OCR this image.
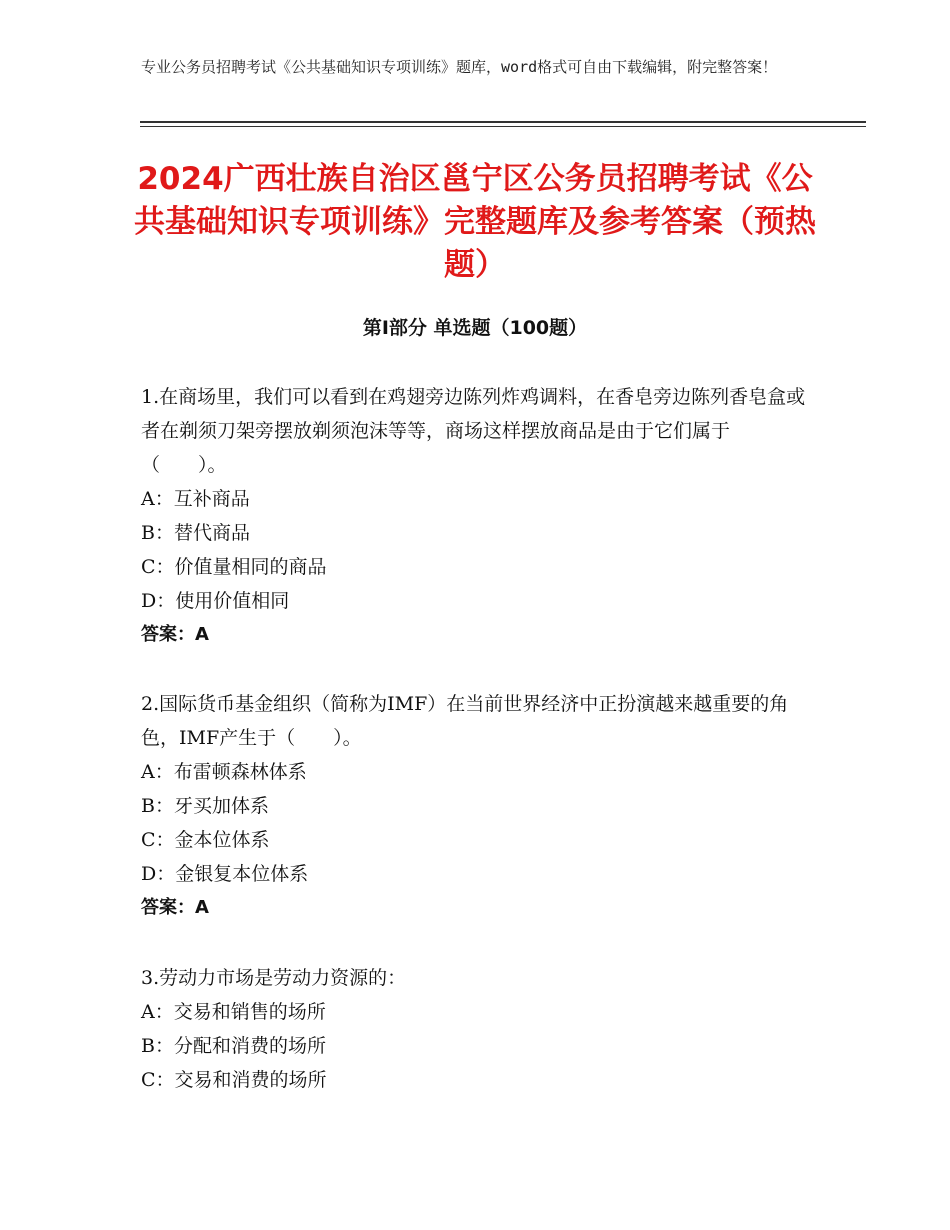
专业公务员招聘考试《公共基础知识专项训练》题库，word格式可自由下载编辑，附完整答案！
2024广西壮族自治区邕宁区公务员招聘考试《公共基础知识专项训练》完整题库及参考答案（预热题）
第Ⅰ部分 单选题（100题）
1.在商场里，我们可以看到在鸡翅旁边陈列炸鸡调料，在香皂旁边陈列香皂盒或者在剃须刀架旁摆放剃须泡沫等等，商场这样摆放商品是由于它们属于（　　）。
A：互补商品
B：替代商品
C：价值量相同的商品
D：使用价值相同
答案：A
2.国际货币基金组织（简称为IMF）在当前世界经济中正扮演越来越重要的角色，IMF产生于（　　）。
A：布雷顿森林体系
B：牙买加体系
C：金本位体系
D：金银复本位体系
答案：A
3.劳动力市场是劳动力资源的：
A：交易和销售的场所
B：分配和消费的场所
C：交易和消费的场所
